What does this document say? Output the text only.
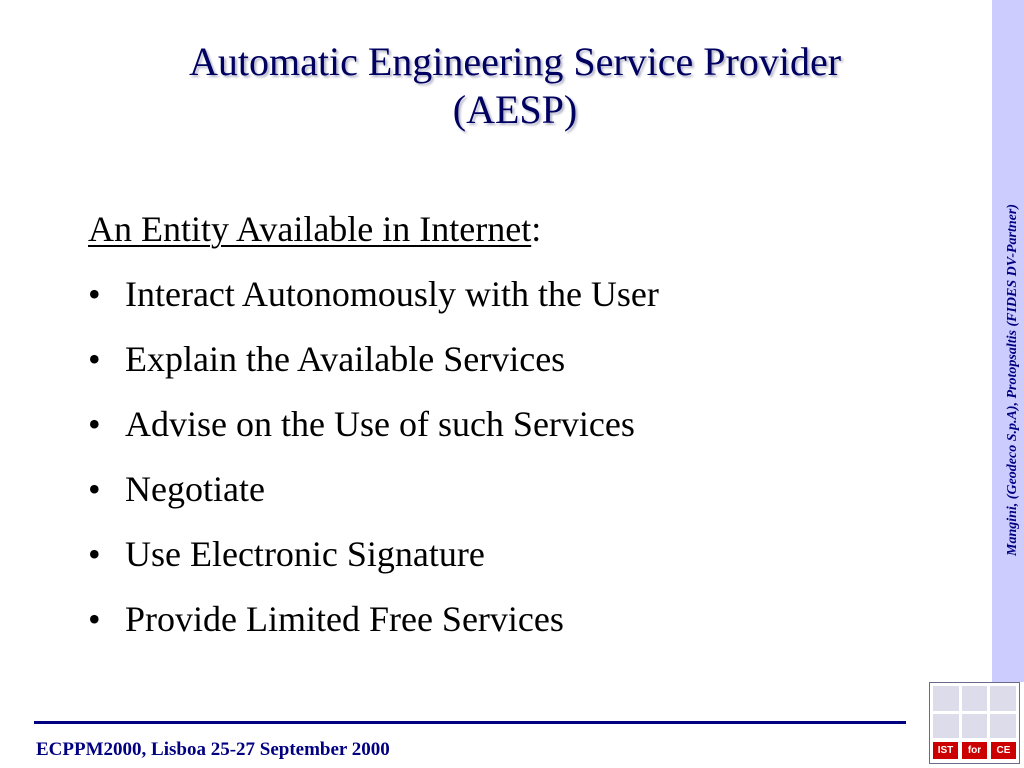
Automatic Engineering Service Provider
(AESP)
An Entity Available in Internet:
• Interact Autonomously with the User
• Explain the Available Services
• Advise on the Use of such Services
• Negotiate
• Use Electronic Signature
• Provide Limited Free Services
Mangini, (Geodeco S.p.A), Protopsaltis (FIDES DV-Partner)
ECPPM2000, Lisboa 25-27 September 2000	IST	for	CE
